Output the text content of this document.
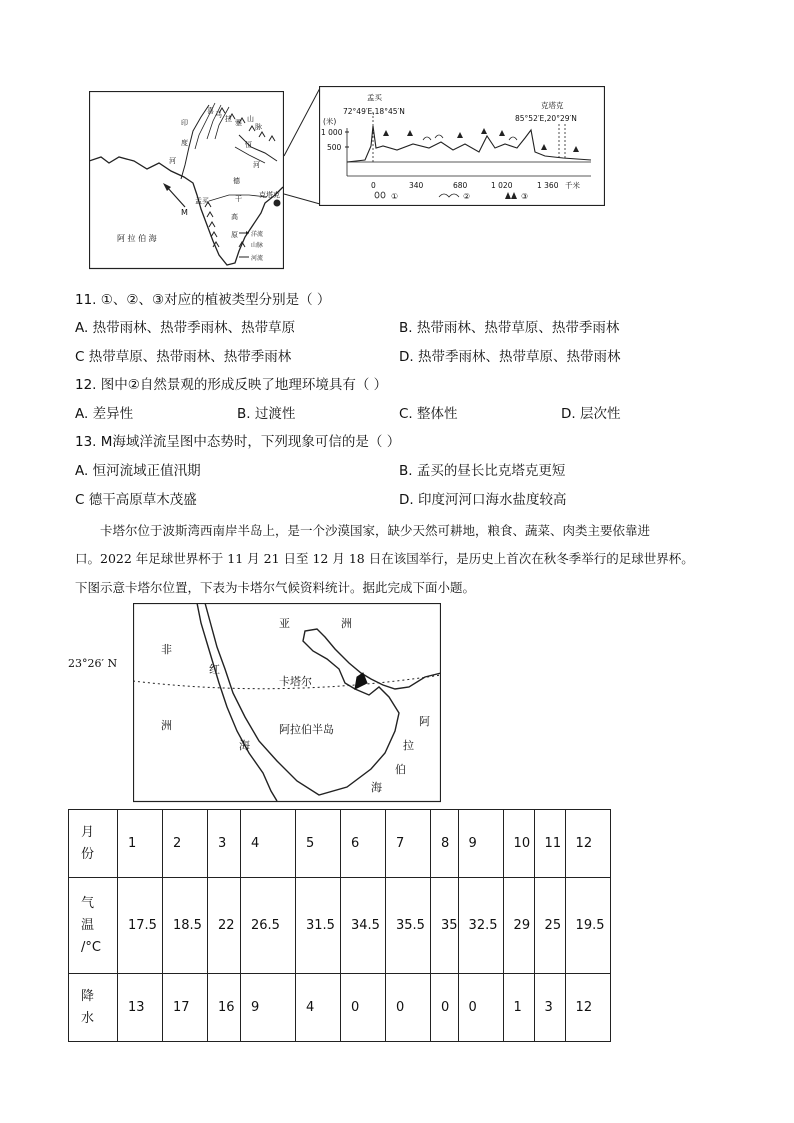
喜 马 拉 雅 山
脉
印
度
河
恒
河
德
干
高
原
孟买
克塔克
阿 拉 伯 海
M
洋流
山脉
河流
孟买
72°49′E,18°45′N
克塔克
85°52′E,20°29′N
(米)
1 000
500
0	340	680	1 020	1 360 千米
①	②	③
11. ①、②、③对应的植被类型分别是（ ）
A. 热带雨林、热带季雨林、热带草原	B. 热带雨林、热带草原、热带季雨林
C 热带草原、热带雨林、热带季雨林	D. 热带季雨林、热带草原、热带雨林
12. 图中②自然景观的形成反映了地理环境具有（ ）
A. 差异性	B. 过渡性	C. 整体性	D. 层次性
13. M海域洋流呈图中态势时，下列现象可信的是（ ）
A. 恒河流域正值汛期	B. 孟买的昼长比克塔克更短
C 德干高原草木茂盛	D. 印度河河口海水盐度较高
卡塔尔位于波斯湾西南岸半岛上，是一个沙漠国家，缺少天然可耕地，粮食、蔬菜、肉类主要依靠进
口。2022 年足球世界杯于 11 月 21 日至 12 月 18 日在该国举行，是历史上首次在秋冬季举行的足球世界杯。
下图示意卡塔尔位置，下表为卡塔尔气候资料统计。据此完成下面小题。
23°26′ N
亚	洲
非
洲
红
海
卡塔尔
阿拉伯半岛
阿
拉
伯
海
月
份	1	2	3	4	5	6	7	8	9	10	11	12

气
温
/°C	17.5	18.5	22	26.5	31.5	34.5	35.5	35	32.5	29	25	19.5

降
水	13	17	16	9	4	0	0	0	0	1	3	12
